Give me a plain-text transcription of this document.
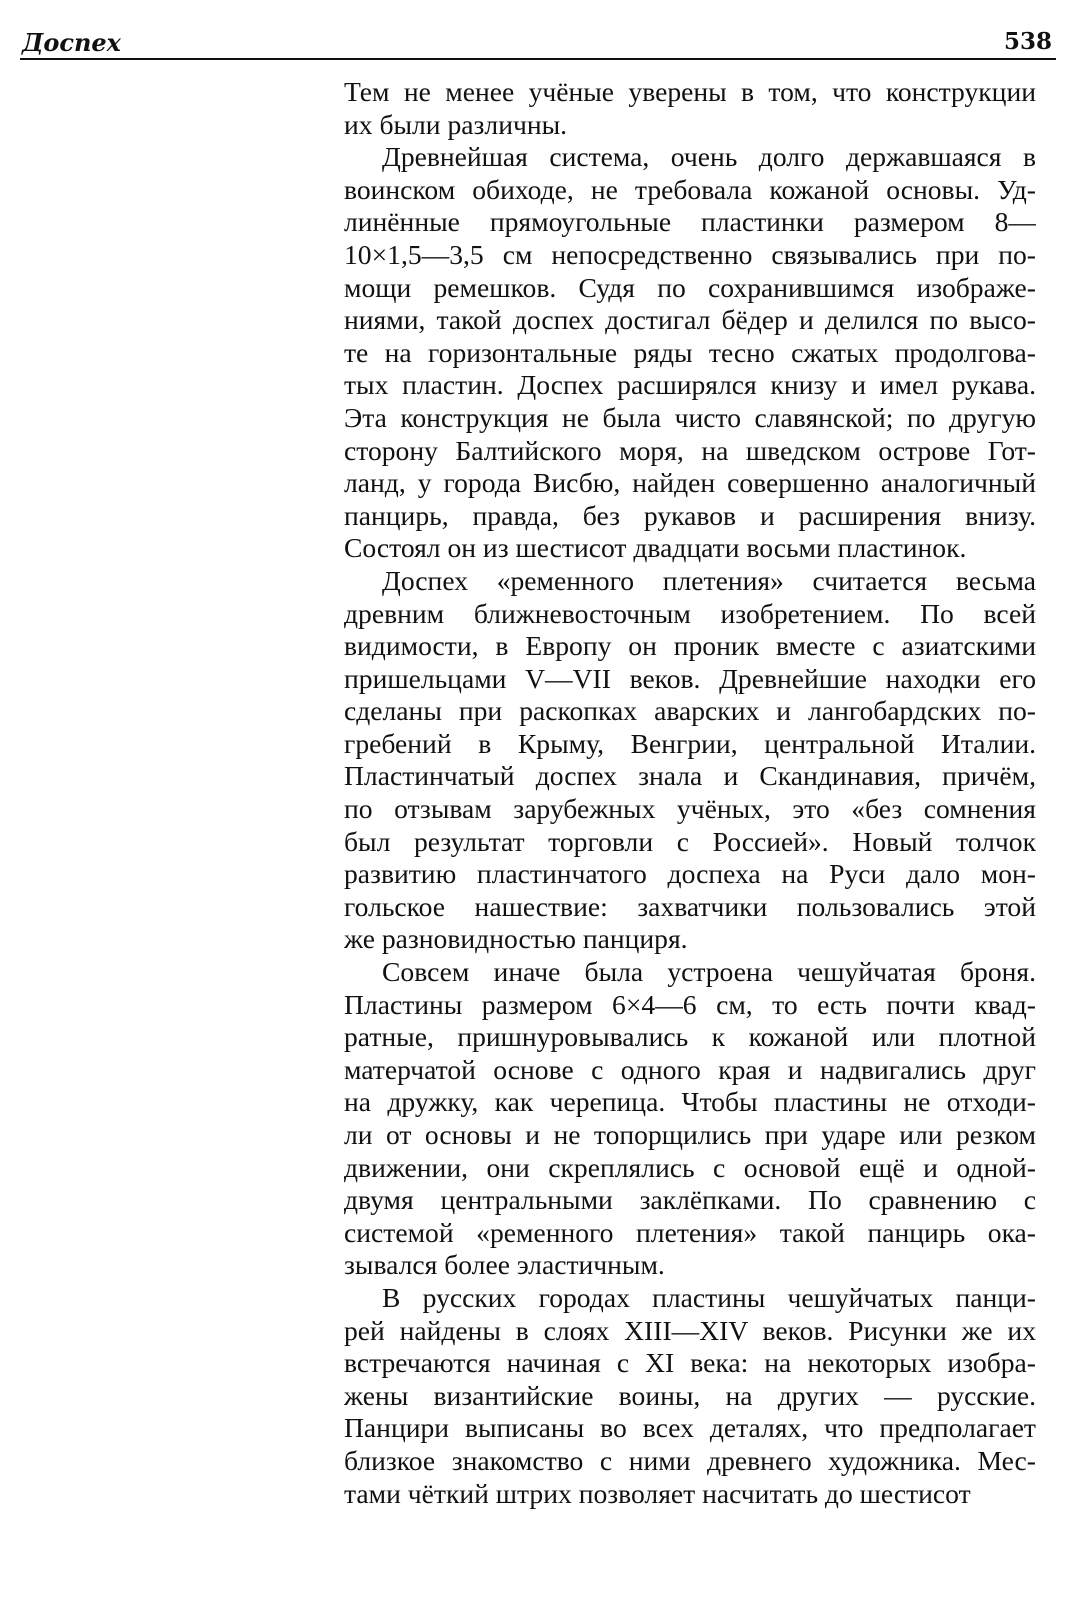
Доспех	538
Тем не менее учёные уверены в том, что конструкции
их были различны.
Древнейшая система, очень долго державшаяся в
воинском обиходе, не требовала кожаной основы. Уд-
линённые прямоугольные пластинки размером 8—
10×1,5—3,5 см непосредственно связывались при по-
мощи ремешков. Судя по сохранившимся изображе-
ниями, такой доспех достигал бёдер и делился по высо-
те на горизонтальные ряды тесно сжатых продолгова-
тых пластин. Доспех расширялся книзу и имел рукава.
Эта конструкция не была чисто славянской; по другую
сторону Балтийского моря, на шведском острове Гот-
ланд, у города Висбю, найден совершенно аналогичный
панцирь, правда, без рукавов и расширения внизу.
Состоял он из шестисот двадцати восьми пластинок.
Доспех «ременного плетения» считается весьма
древним ближневосточным изобретением. По всей
видимости, в Европу он проник вместе с азиатскими
пришельцами V—VII веков. Древнейшие находки его
сделаны при раскопках аварских и лангобардских по-
гребений в Крыму, Венгрии, центральной Италии.
Пластинчатый доспех знала и Скандинавия, причём,
по отзывам зарубежных учёных, это «без сомнения
был результат торговли с Россией». Новый толчок
развитию пластинчатого доспеха на Руси дало мон-
гольское нашествие: захватчики пользовались этой
же разновидностью панциря.
Совсем иначе была устроена чешуйчатая броня.
Пластины размером 6×4—6 см, то есть почти квад-
ратные, пришнуровывались к кожаной или плотной
матерчатой основе с одного края и надвигались друг
на дружку, как черепица. Чтобы пластины не отходи-
ли от основы и не топорщились при ударе или резком
движении, они скреплялись с основой ещё и одной-
двумя центральными заклёпками. По сравнению с
системой «ременного плетения» такой панцирь ока-
зывался более эластичным.
В русских городах пластины чешуйчатых панци-
рей найдены в слоях XIII—XIV веков. Рисунки же их
встречаются начиная с XI века: на некоторых изобра-
жены византийские воины, на других — русские.
Панцири выписаны во всех деталях, что предполагает
близкое знакомство с ними древнего художника. Мес-
тами чёткий штрих позволяет насчитать до шестисот
